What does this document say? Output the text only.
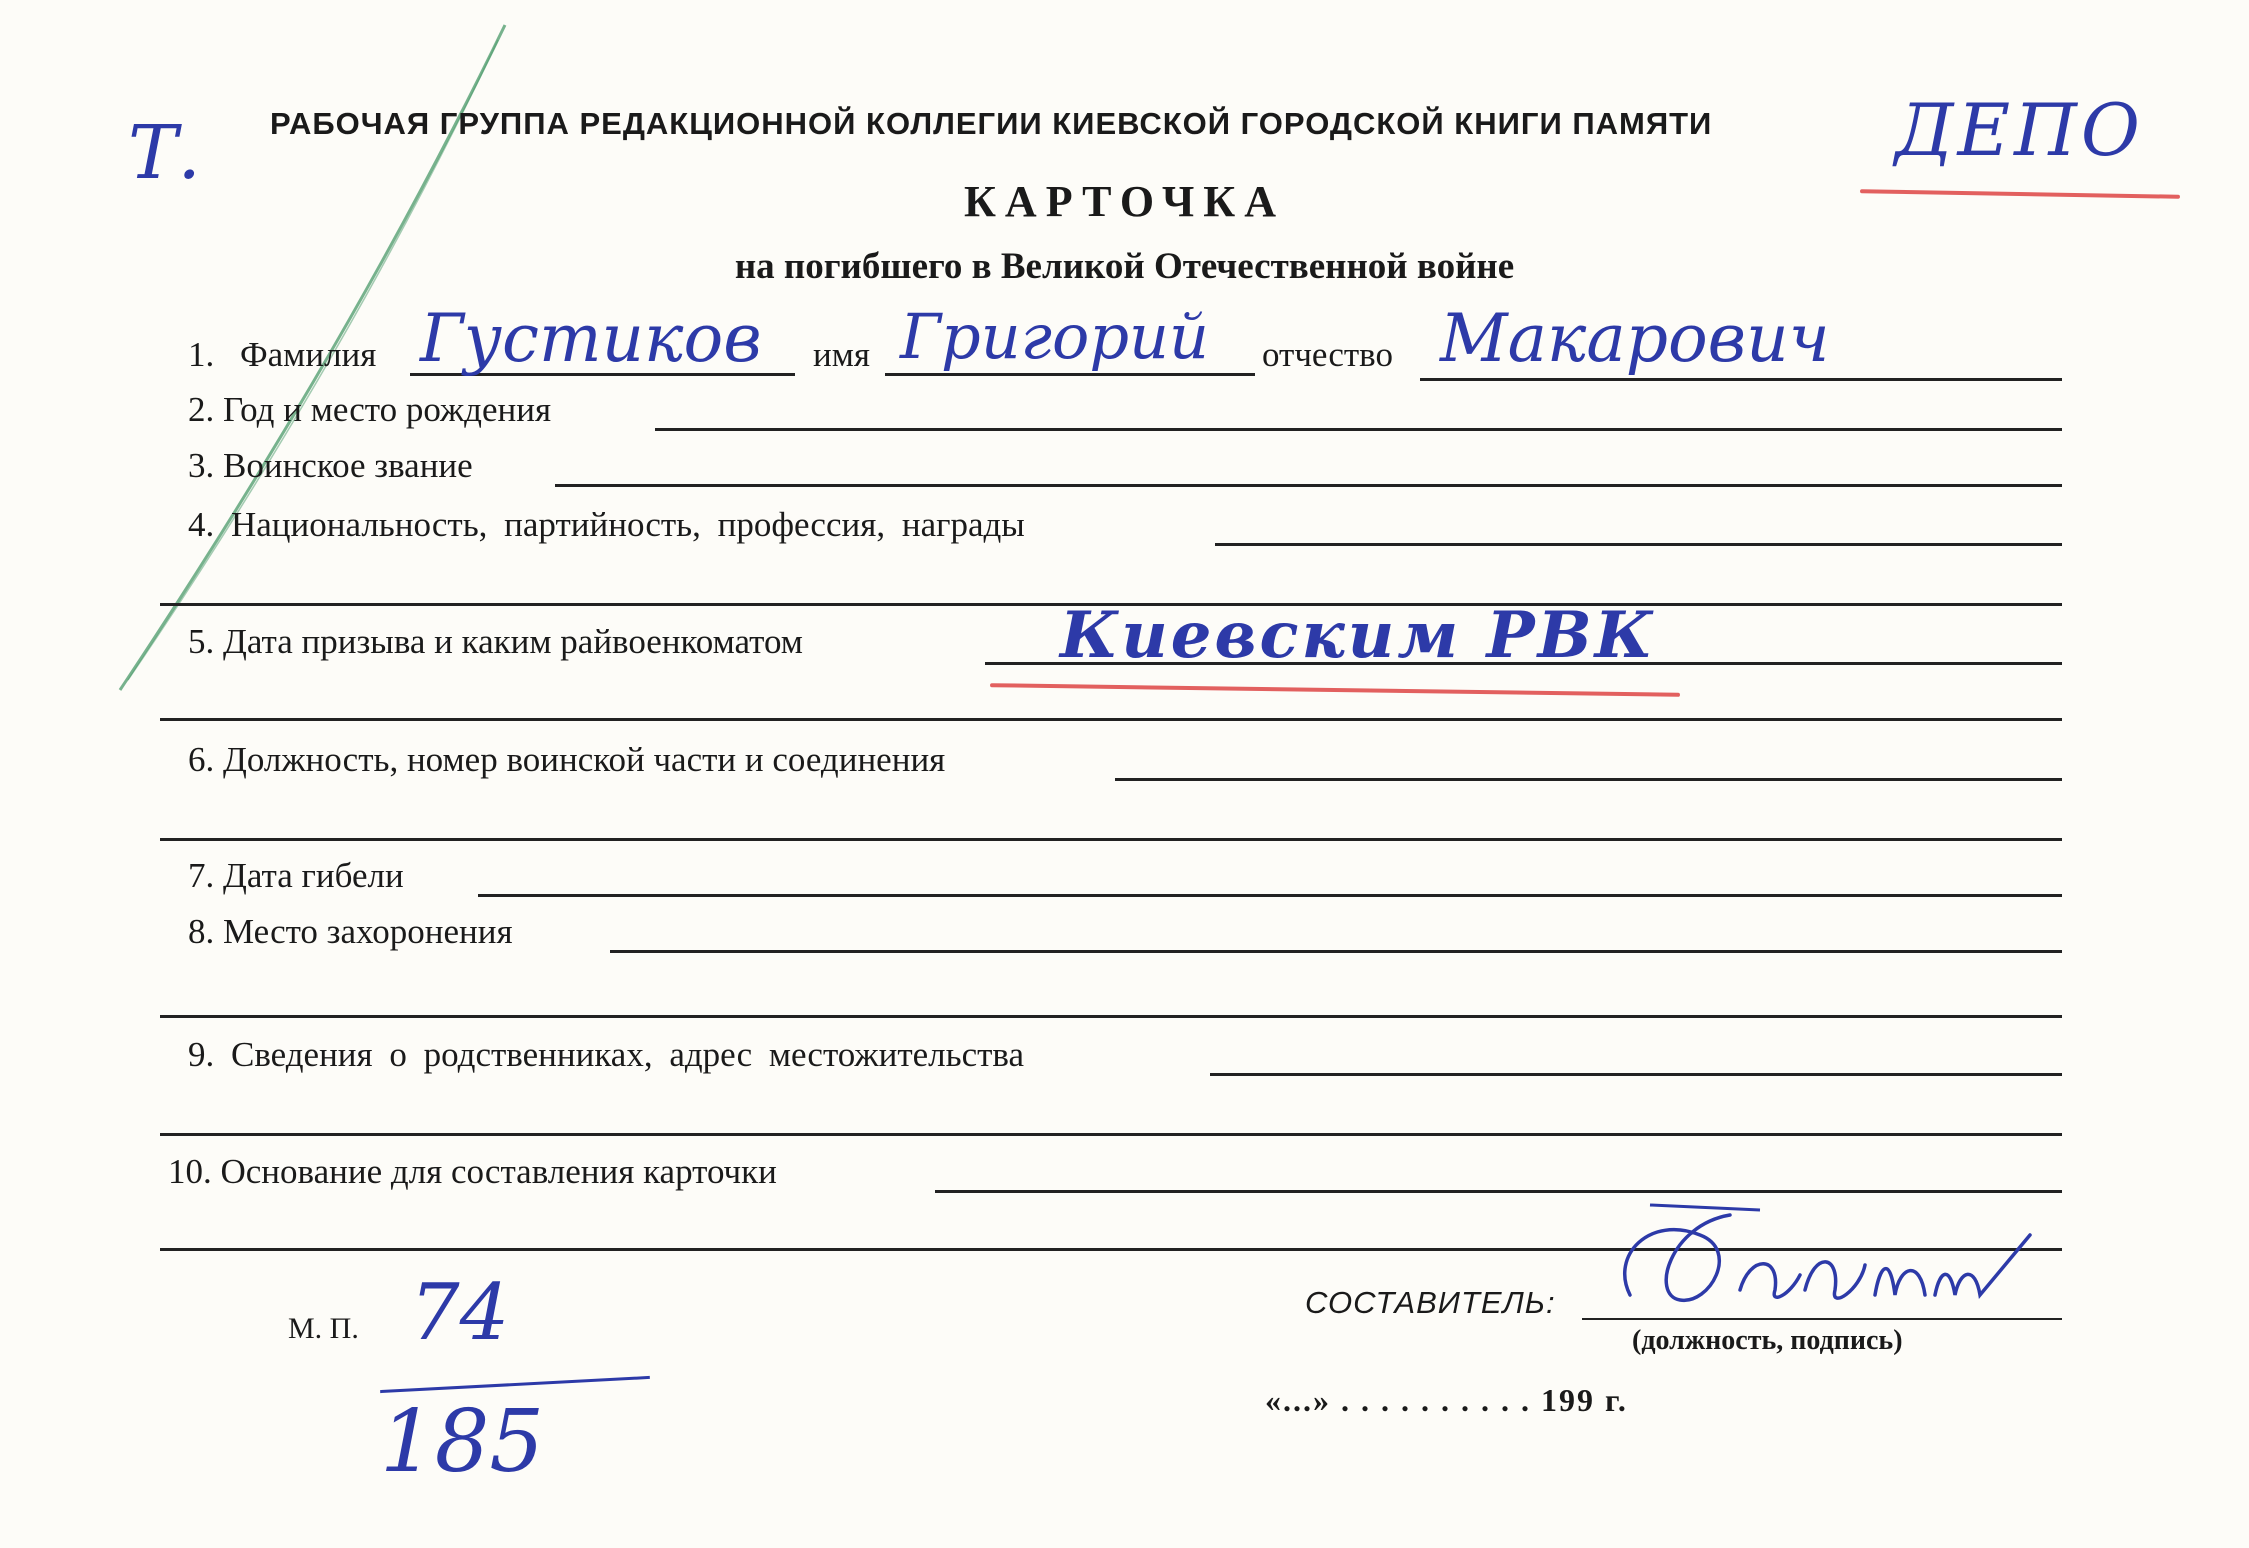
Т. РАБОЧАЯ ГРУППА РЕДАКЦИОННОЙ КОЛЛЕГИИ КИЕВСКОЙ ГОРОДСКОЙ КНИГИ ПАМЯТИ	ДЕПО
КАРТОЧКА
на погибшего в Великой Отечественной войне
1. Фамилия Густиков имя Григорий отчество Макарович
2. Год и место рождения
3. Воинское звание
4. Национальность, партийность, профессия, награды
5. Дата призыва и каким райвоенкоматом	Киевским РВК
6. Должность, номер воинской части и соединения
7. Дата гибели
8. Место захоронения
9. Сведения о родственниках, адрес местожительства
10. Основание для составления карточки
М. П. 74
185
СОСТАВИТЕЛЬ:
(должность, подпись)
«...» . . . . . . . . . . 199 г.
